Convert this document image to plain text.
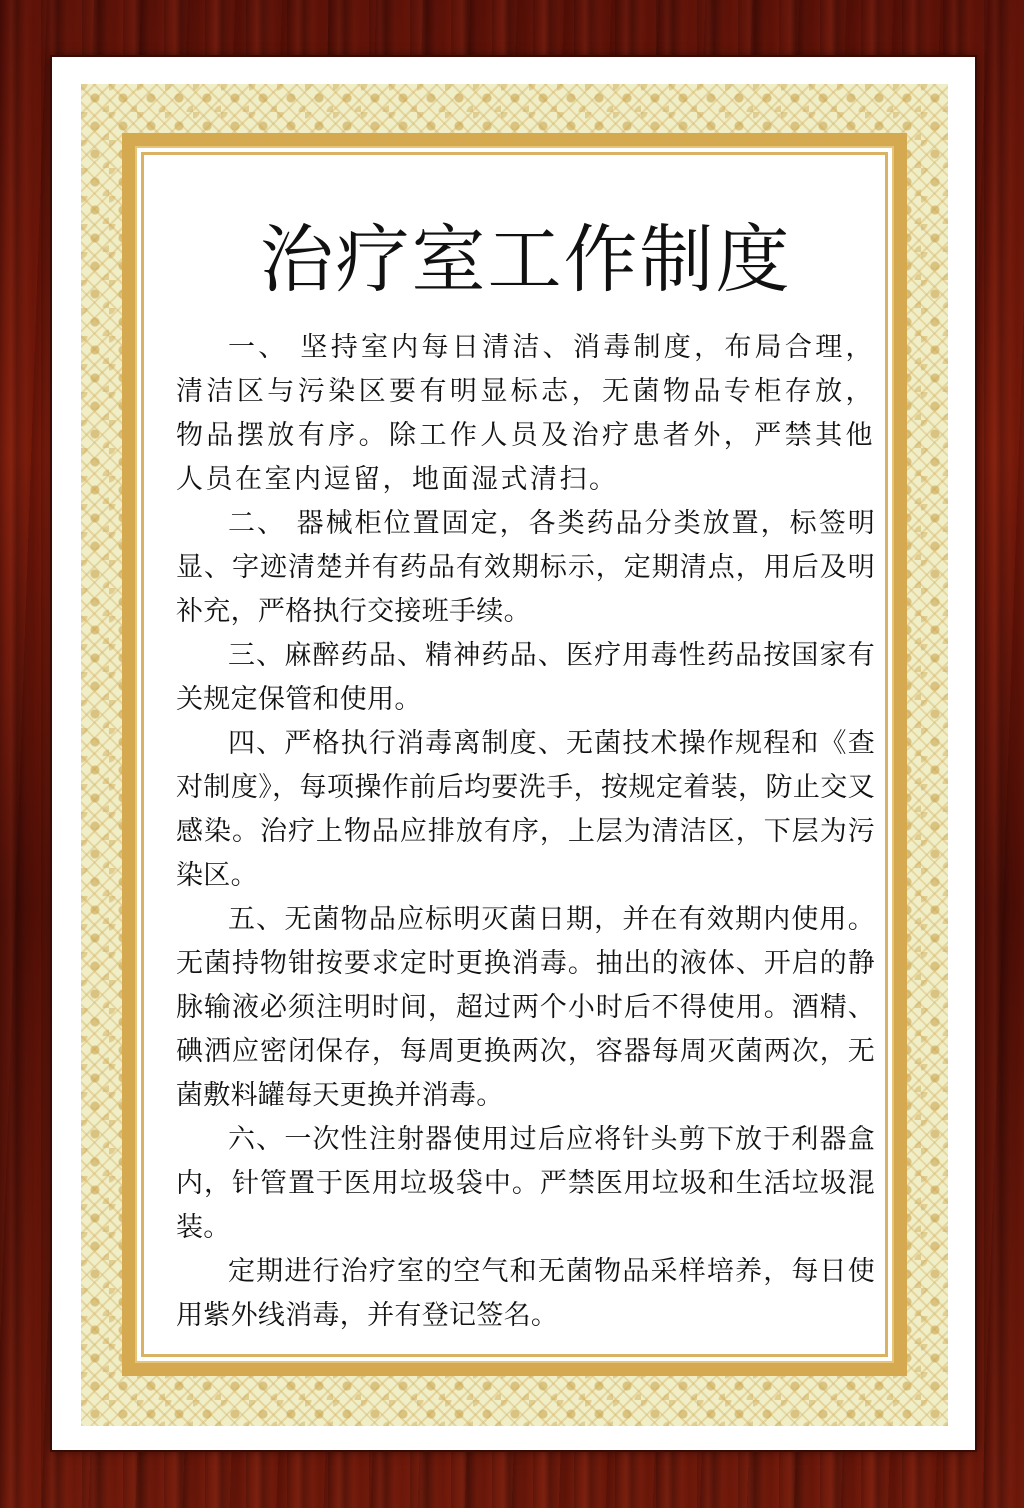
治疗室工作制度

一、 坚持室内每日清洁、消毒制度，布局合理，清洁区与污染区要有明显标志，无菌物品专柜存放，物品摆放有序。除工作人员及治疗患者外，严禁其他人员在室内逗留，地面湿式清扫。

二、 器械柜位置固定，各类药品分类放置，标签明显、字迹清楚并有药品有效期标示，定期清点，用后及明补充，严格执行交接班手续。

三、麻醉药品、精神药品、医疗用毒性药品按国家有关规定保管和使用。

四、严格执行消毒离制度、无菌技术操作规程和《查对制度》，每项操作前后均要洗手，按规定着装，防止交叉感染。治疗上物品应排放有序，上层为清洁区，下层为污染区。

五、无菌物品应标明灭菌日期，并在有效期内使用。无菌持物钳按要求定时更换消毒。抽出的液体、开启的静脉输液必须注明时间，超过两个小时后不得使用。酒精、碘洒应密闭保存，每周更换两次，容器每周灭菌两次，无菌敷料罐每天更换并消毒。

六、一次性注射器使用过后应将针头剪下放于利器盒内，针管置于医用垃圾袋中。严禁医用垃圾和生活垃圾混装。

定期进行治疗室的空气和无菌物品采样培养，每日使用紫外线消毒，并有登记签名。
